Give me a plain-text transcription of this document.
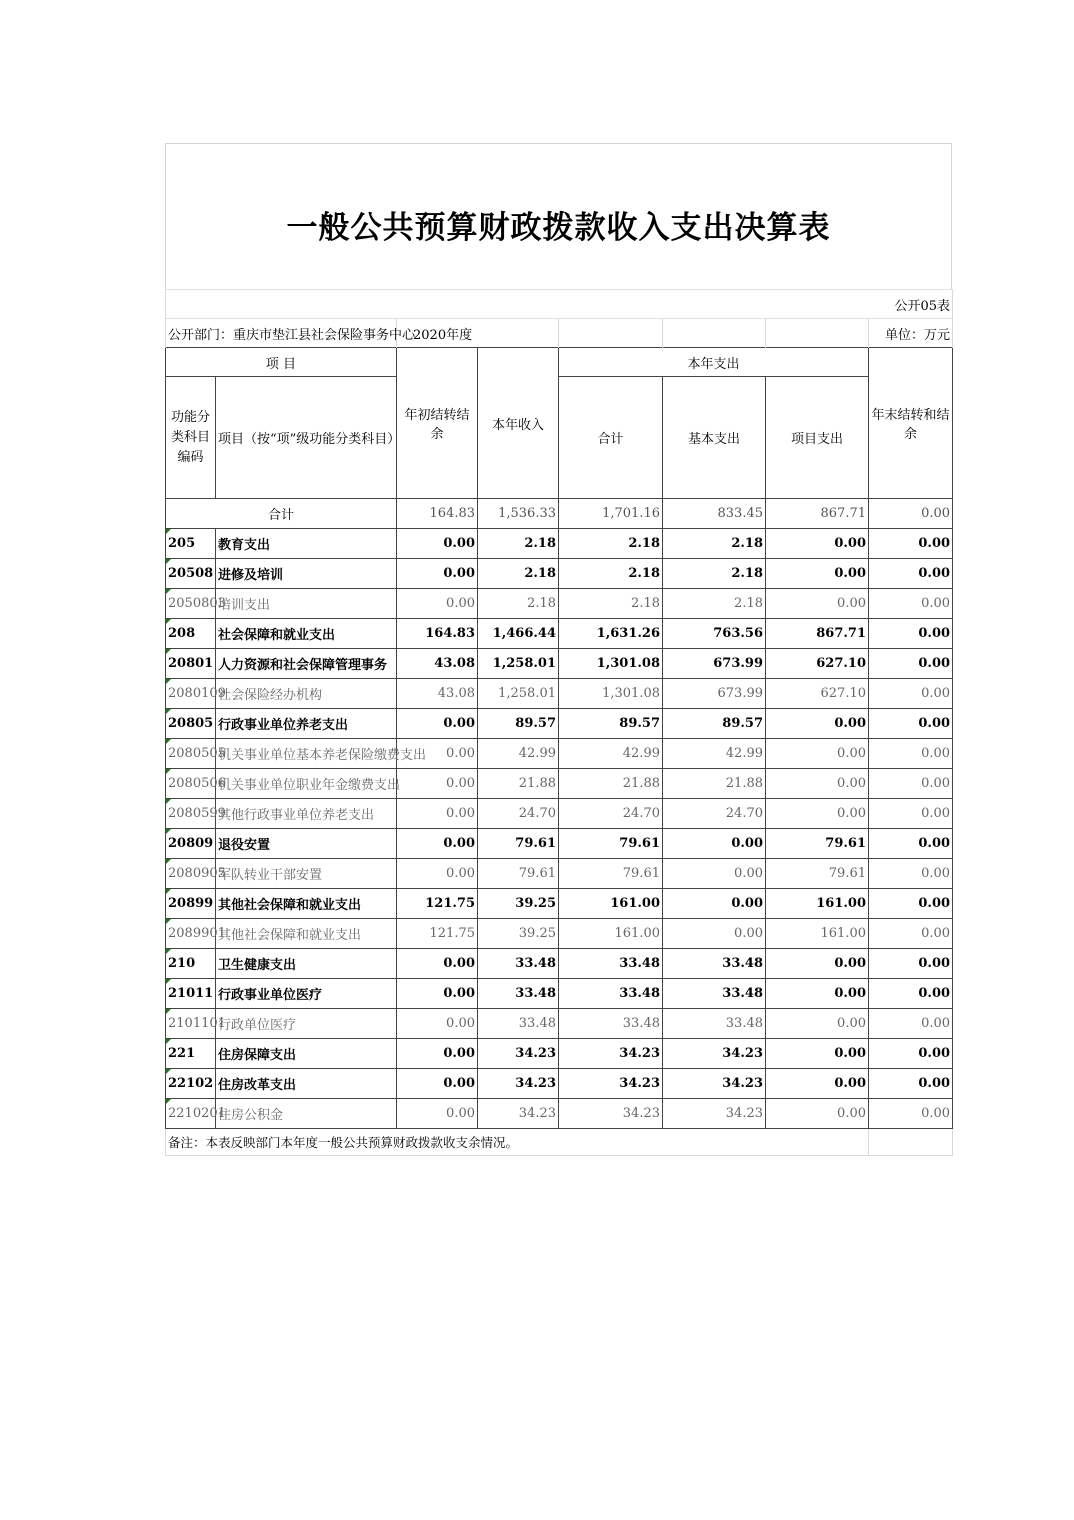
一般公共预算财政拨款收入支出决算表
公开05表							
公开部门：重庆市垫江县社会保险事务中心		2020年度					单位：万元
项 目		年初结转结余	本年收入	本年支出			年末结转和结余
功能分类科目编码	项目（按“项”级功能分类科目）			合计	基本支出	项目支出	
合计		164.83	1,536.33	1,701.16	833.45	867.71	0.00
205	教育支出	0.00	2.18	2.18	2.18	0.00	0.00
20508	进修及培训	0.00	2.18	2.18	2.18	0.00	0.00
2050803	培训支出	0.00	2.18	2.18	2.18	0.00	0.00
208	社会保障和就业支出	164.83	1,466.44	1,631.26	763.56	867.71	0.00
20801	人力资源和社会保障管理事务	43.08	1,258.01	1,301.08	673.99	627.10	0.00
2080109	社会保险经办机构	43.08	1,258.01	1,301.08	673.99	627.10	0.00
20805	行政事业单位养老支出	0.00	89.57	89.57	89.57	0.00	0.00
2080505	机关事业单位基本养老保险缴费支出	0.00	42.99	42.99	42.99	0.00	0.00
2080506	机关事业单位职业年金缴费支出	0.00	21.88	21.88	21.88	0.00	0.00
2080599	其他行政事业单位养老支出	0.00	24.70	24.70	24.70	0.00	0.00
20809	退役安置	0.00	79.61	79.61	0.00	79.61	0.00
2080905	军队转业干部安置	0.00	79.61	79.61	0.00	79.61	0.00
20899	其他社会保障和就业支出	121.75	39.25	161.00	0.00	161.00	0.00
2089901	其他社会保障和就业支出	121.75	39.25	161.00	0.00	161.00	0.00
210	卫生健康支出	0.00	33.48	33.48	33.48	0.00	0.00
21011	行政事业单位医疗	0.00	33.48	33.48	33.48	0.00	0.00
2101101	行政单位医疗	0.00	33.48	33.48	33.48	0.00	0.00
221	住房保障支出	0.00	34.23	34.23	34.23	0.00	0.00
22102	住房改革支出	0.00	34.23	34.23	34.23	0.00	0.00
2210201	住房公积金	0.00	34.23	34.23	34.23	0.00	0.00
备注：本表反映部门本年度一般公共预算财政拨款收支余情况。							
